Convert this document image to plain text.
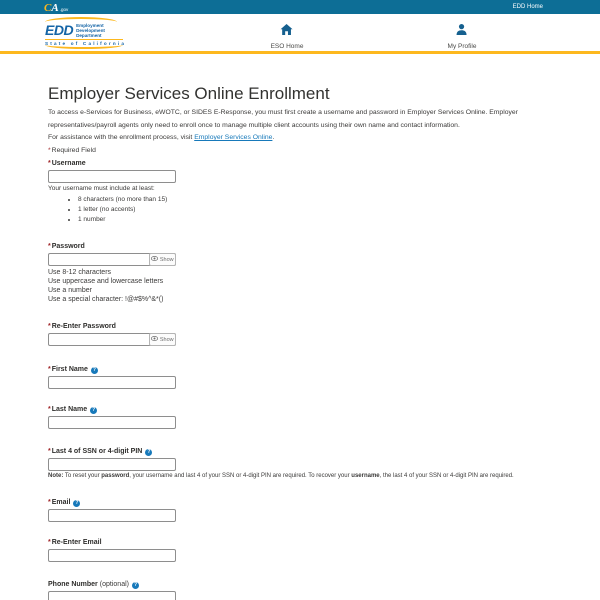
CA .gov	EDD Home
EDD Employment
Development
Department
State of California	ESO Home	My Profile
Employer Services Online Enrollment

To access e-Services for Business, eWOTC, or SIDES E-Response, you must first create a username and password in Employer Services Online. Employer representatives/payroll agents only need to enroll once to manage multiple client accounts using their own name and contact information.

For assistance with the enrollment process, visit Employer Services Online.

*Required Field

* Username
Your username must include at least:
• 8 characters (no more than 15)
• 1 letter (no accents)
• 1 number
* Password
Show
Use 8-12 characters
Use uppercase and lowercase letters
Use a number
Use a special character: !@#$%^&*()
* Re-Enter Password
Show
* First Name ?
* Last Name ?
* Last 4 of SSN or 4-digit PIN ?

Note: To reset your password, your username and last 4 of your SSN or 4-digit PIN are required. To recover your username, the last 4 of your SSN or 4-digit PIN are required.

* Email ?
* Re-Enter Email
Phone Number (optional) ?
